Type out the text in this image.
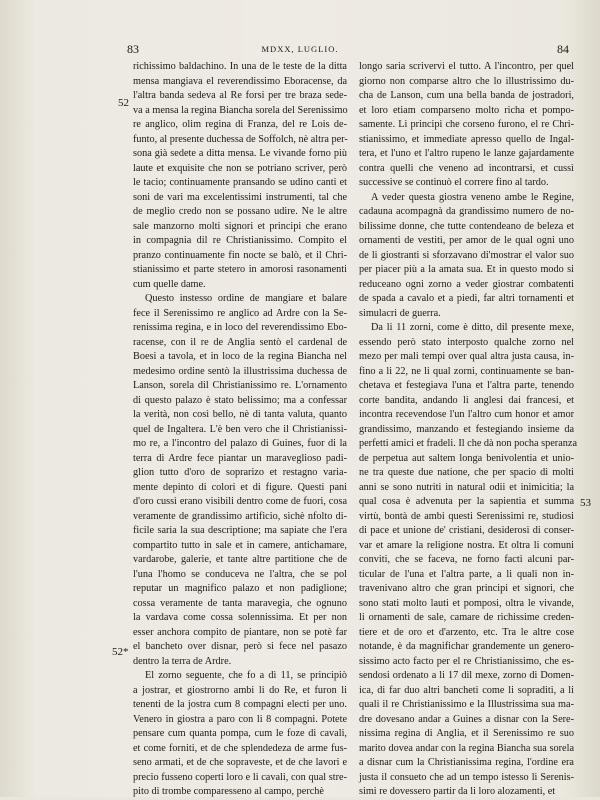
83	MDXX, LUGLIO.	84
52
52*
53
richissimo baldachino. In una de le teste de la ditta
mensa mangiava el reverendissimo Eboracense, da
l'altra banda sedeva al Re forsi per tre braza sede-
va a mensa la regina Biancha sorela del Serenissimo
re anglico, olim regina di Franza, del re Lois de-
funto, al presente duchessa de Soffolch, nè altra per-
sona già sedete a ditta mensa. Le vivande forno più
laute et exquisite che non se potriano scriver, però
le tacio; continuamente pransando se udino canti et
soni de vari ma excelentissimi instrumenti, tal che
de meglio credo non se possano udire. Ne le altre
sale manzorno molti signori et principi che erano
in compagnia dil re Christianissimo. Compito el
pranzo continuamente fin nocte se balò, et il Chri-
stianissimo et parte stetero in amorosi rasonamenti
cum quelle dame.
Questo instesso ordine de mangiare et balare
fece il Serenissimo re anglico ad Ardre con la Se-
renissima regina, e in loco del reverendissimo Ebo-
racense, con il re de Anglia sentò el cardenal de
Boesi a tavola, et in loco de la regina Biancha nel
medesimo ordine sentò la illustrissima duchessa de
Lanson, sorela dil Christianissimo re. L'ornamento
di questo palazo è stato belissimo; ma a confessar
la verità, non così bello, nè di tanta valuta, quanto
quel de Ingaltera. L'è ben vero che il Christianissi-
mo re, a l'incontro del palazo di Guines, fuor di la
terra di Ardre fece piantar un maraveglioso padi-
glion tutto d'oro de soprarizo et restagno varia-
mente depinto di colori et di figure. Questi pani
d'oro cussì erano visibili dentro come de fuori, cosa
veramente de grandissimo artificio, sichè nfolto di-
ficile saria la sua descriptione; ma sapiate che l'era
compartito tutto in sale et in camere, antichamare,
vardarobe, galerie, et tante altre partitione che de
l'una l'homo se conduceva ne l'altra, che se pol
reputar un magnifico palazo et non padiglione;
cossa veramente de tanta maravegia, che ognuno
la vardava come cossa solennissima. Et per non
esser anchora compito de piantare, non se potè far
el bancheto over disnar, però si fece nel pasazo
dentro la terra de Ardre.
El zorno seguente, che fo a dì 11, se principiò
a jostrar, et giostrorno ambi li do Re, et furon li
tenenti de la jostra cum 8 compagni electi per uno.
Venero in giostra a paro con li 8 compagni. Potete
pensare cum quanta pompa, cum le foze di cavali,
et come forniti, et de che splendedeza de arme fus-
seno armati, et de che sopraveste, et de che lavori e
precio fusseno coperti loro e li cavali, con qual stre-
pito di trombe comparesseno al campo, perchè
longo saria scrivervi el tutto. A l'incontro, per quel
giorno non comparse altro che lo illustrissimo du-
cha de Lanson, cum una bella banda de jostradori,
et loro etiam comparseno molto richa et pompo-
samente. Li principi che corseno furono, el re Chri-
stianissimo, et immediate apresso quello de Ingal-
tera, et l'uno et l'altro rupeno le lanze gajardamente
contra quelli che veneno ad incontrarsi, et cussì
successive se continuò el correre fino al tardo.
A veder questa giostra veneno ambe le Regine,
cadauna acompagnà da grandissimo numero de no-
bilissime donne, che tutte contendeano de beleza et
ornamenti de vestiti, per amor de le qual ogni uno
de li giostranti si sforzavano di'mostrar el valor suo
per piacer più a la amata sua. Et in questo modo si
reduceano ogni zorno a veder giostrar combatenti
de spada a cavalo et a piedi, far altri tornamenti et
simulacri de guerra.
Da li 11 zorni, come è ditto, dil presente mexe,
essendo però stato interposto qualche zorno nel
mezo per mali tempi over qual altra justa causa, in-
fino a li 22, ne li qual zorni, continuamente se ban-
chetava et festegiava l'una et l'altra parte, tenendo
corte bandita, andando li anglesi dai francesi, et
incontra recevendose l'un l'altro cum honor et amor
grandissimo, manzando et festegiando insieme da
perfetti amici et fradeli. Il che dà non pocha speranza
de perpetua aut saltem longa benivolentia et unio-
ne tra queste due natione, che per spacio di molti
anni se sono nutriti in natural odii et inimicitia; la
qual cosa è advenuta per la sapientia et summa
virtù, bontà de ambi questi Serenissimi re, studiosi
di pace et unione de' cristiani, desiderosi di conser-
var et amare la religione nostra. Et oltra li comuni
conviti, che se faceva, ne forno facti alcuni par-
ticular de l'una et l'altra parte, a li quali non in-
travenivano altro che gran principi et signori, che
sono stati molto lauti et pomposi, oltra le vivande,
li ornamenti de sale, camare de richissime creden-
tiere et de oro et d'arzento, etc. Tra le altre cose
notande, è da magnifichar grandemente un genero-
sissimo acto facto per el re Christianissimo, che es-
sendosi ordenato a li 17 dil mexe, zorno di Domen-
ica, di far duo altri bancheti come li sopraditi, a li
quali il re Christianissimo e la Illustrissima sua ma-
dre dovesano andar a Guines a disnar con la Sere-
nissima regina di Anglia, et il Serenissimo re suo
marito dovea andar con la regina Biancha sua sorela
a disnar cum la Christianissima regina, l'ordine era
justa il consueto che ad un tempo istesso li Serenis-
simi re dovessero partir da li loro alozamenti, et
